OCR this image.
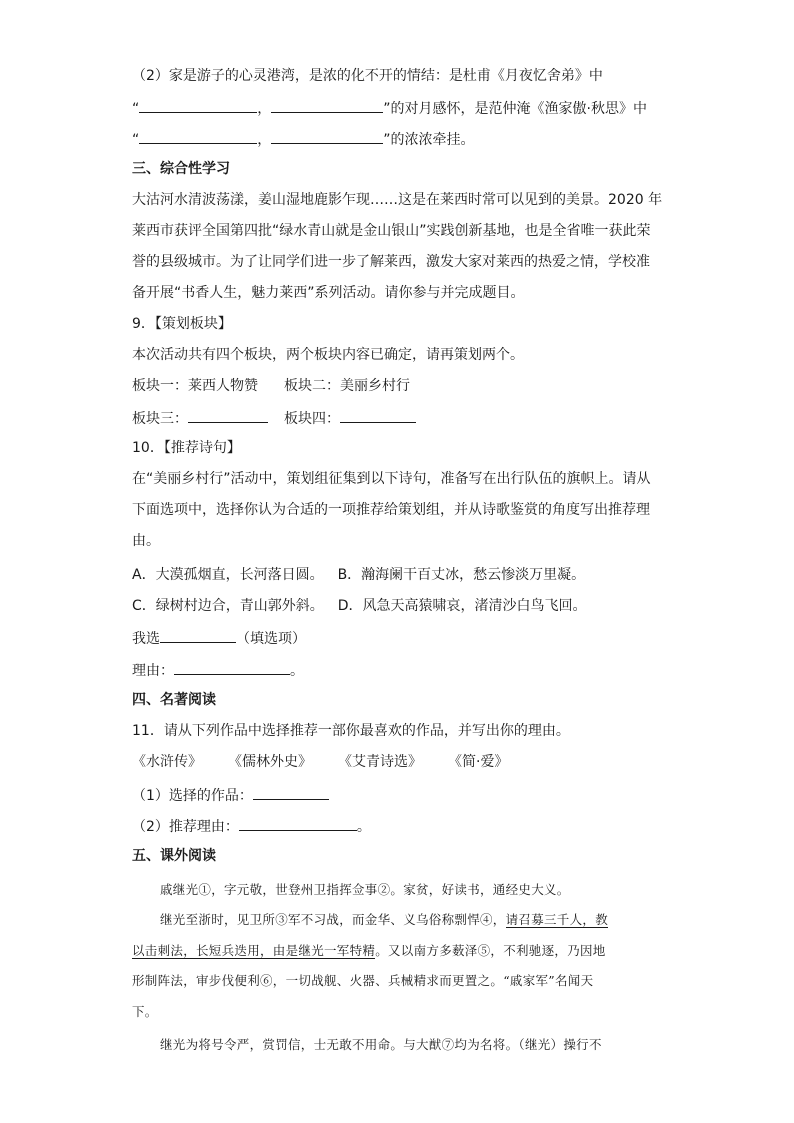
（2）家是游子的心灵港湾，是浓的化不开的情结：是杜甫《月夜忆舍弟》中
“	，	”的对月感怀，是范仲淹《渔家傲·秋思》中
“	，	”的浓浓牵挂。
三、综合性学习
大沽河水清波荡漾，姜山湿地鹿影乍现……这是在莱西时常可以见到的美景。2020 年
莱西市获评全国第四批“绿水青山就是金山银山”实践创新基地，也是全省唯一获此荣
誉的县级城市。为了让同学们进一步了解莱西，激发大家对莱西的热爱之情，学校准
备开展“书香人生，魅力莱西”系列活动。请你参与并完成题目。
9．【策划板块】
本次活动共有四个板块，两个板块内容已确定，请再策划两个。
板块一：莱西人物赞 板块二：美丽乡村行
板块三：	板块四：
10．【推荐诗句】
在“美丽乡村行”活动中，策划组征集到以下诗句，准备写在出行队伍的旗帜上。请从
下面选项中，选择你认为合适的一项推荐给策划组，并从诗歌鉴赏的角度写出推荐理
由。
A．大漠孤烟直，长河落日圆。 B．瀚海阑干百丈冰，愁云惨淡万里凝。
C．绿树村边合，青山郭外斜。 D．风急天高猿啸哀，渚清沙白鸟飞回。
我选	（填选项）
理由：	。
四、名著阅读
11．请从下列作品中选择推荐一部你最喜欢的作品，并写出你的理由。
《水浒传》 《儒林外史》 《艾青诗选》 《简·爱》
（1）选择的作品：
（2）推荐理由：	。
五、课外阅读
戚继光①，字元敬，世登州卫指挥佥事②。家贫，好读书，通经史大义。
继光至浙时，见卫所③军不习战，而金华、义乌俗称剽悍④，请召募三千人，教
以击刺法，长短兵迭用，由是继光一军特精。又以南方多薮泽⑤，不利驰逐，乃因地
形制阵法，审步伐便利⑥，一切战舰、火器、兵械精求而更置之。“戚家军”名闻天
下。
继光为将号令严，赏罚信，士无敢不用命。与大猷⑦均为名将。（继光）操行不
